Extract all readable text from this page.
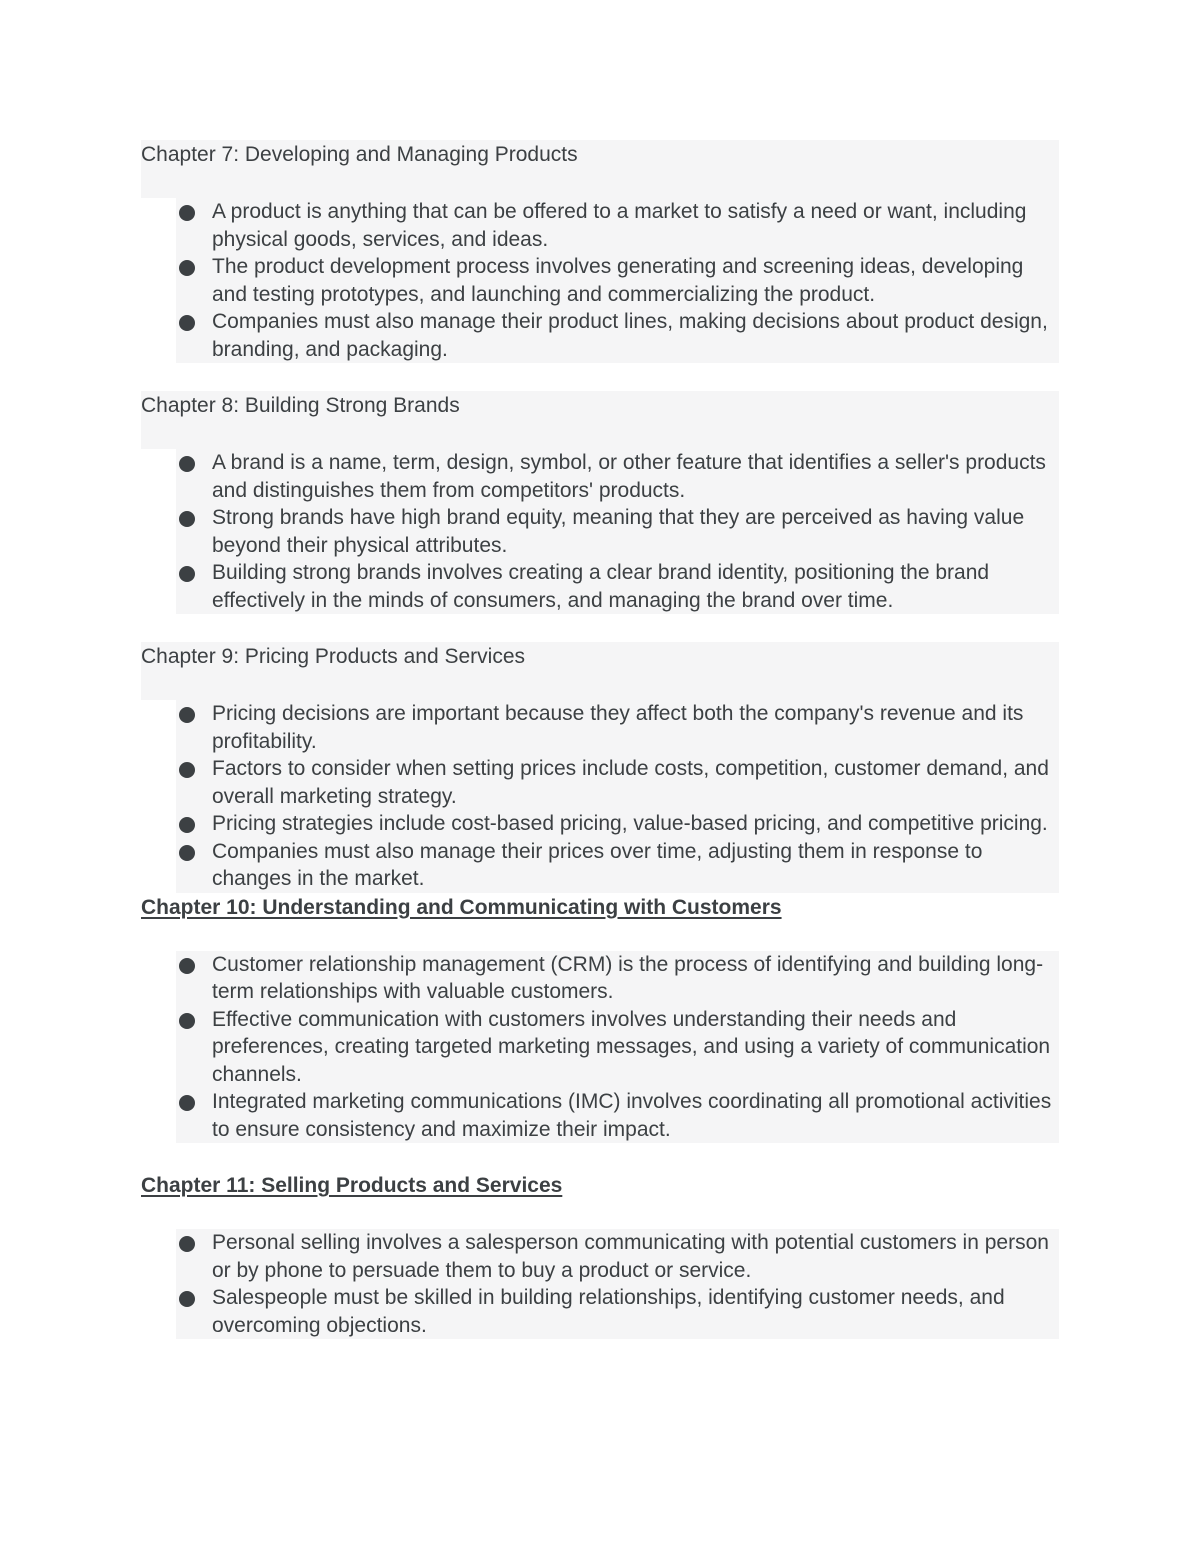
Chapter 7: Developing and Managing Products
A product is anything that can be offered to a market to satisfy a need or want, including physical goods, services, and ideas.
The product development process involves generating and screening ideas, developing and testing prototypes, and launching and commercializing the product.
Companies must also manage their product lines, making decisions about product design, branding, and packaging.
Chapter 8: Building Strong Brands
A brand is a name, term, design, symbol, or other feature that identifies a seller's products and distinguishes them from competitors' products.
Strong brands have high brand equity, meaning that they are perceived as having value beyond their physical attributes.
Building strong brands involves creating a clear brand identity, positioning the brand effectively in the minds of consumers, and managing the brand over time.
Chapter 9: Pricing Products and Services
Pricing decisions are important because they affect both the company's revenue and its profitability.
Factors to consider when setting prices include costs, competition, customer demand, and overall marketing strategy.
Pricing strategies include cost-based pricing, value-based pricing, and competitive pricing.
Companies must also manage their prices over time, adjusting them in response to changes in the market.
Chapter 10: Understanding and Communicating with Customers
Customer relationship management (CRM) is the process of identifying and building long-term relationships with valuable customers.
Effective communication with customers involves understanding their needs and preferences, creating targeted marketing messages, and using a variety of communication channels.
Integrated marketing communications (IMC) involves coordinating all promotional activities to ensure consistency and maximize their impact.
Chapter 11: Selling Products and Services
Personal selling involves a salesperson communicating with potential customers in person or by phone to persuade them to buy a product or service.
Salespeople must be skilled in building relationships, identifying customer needs, and overcoming objections.
